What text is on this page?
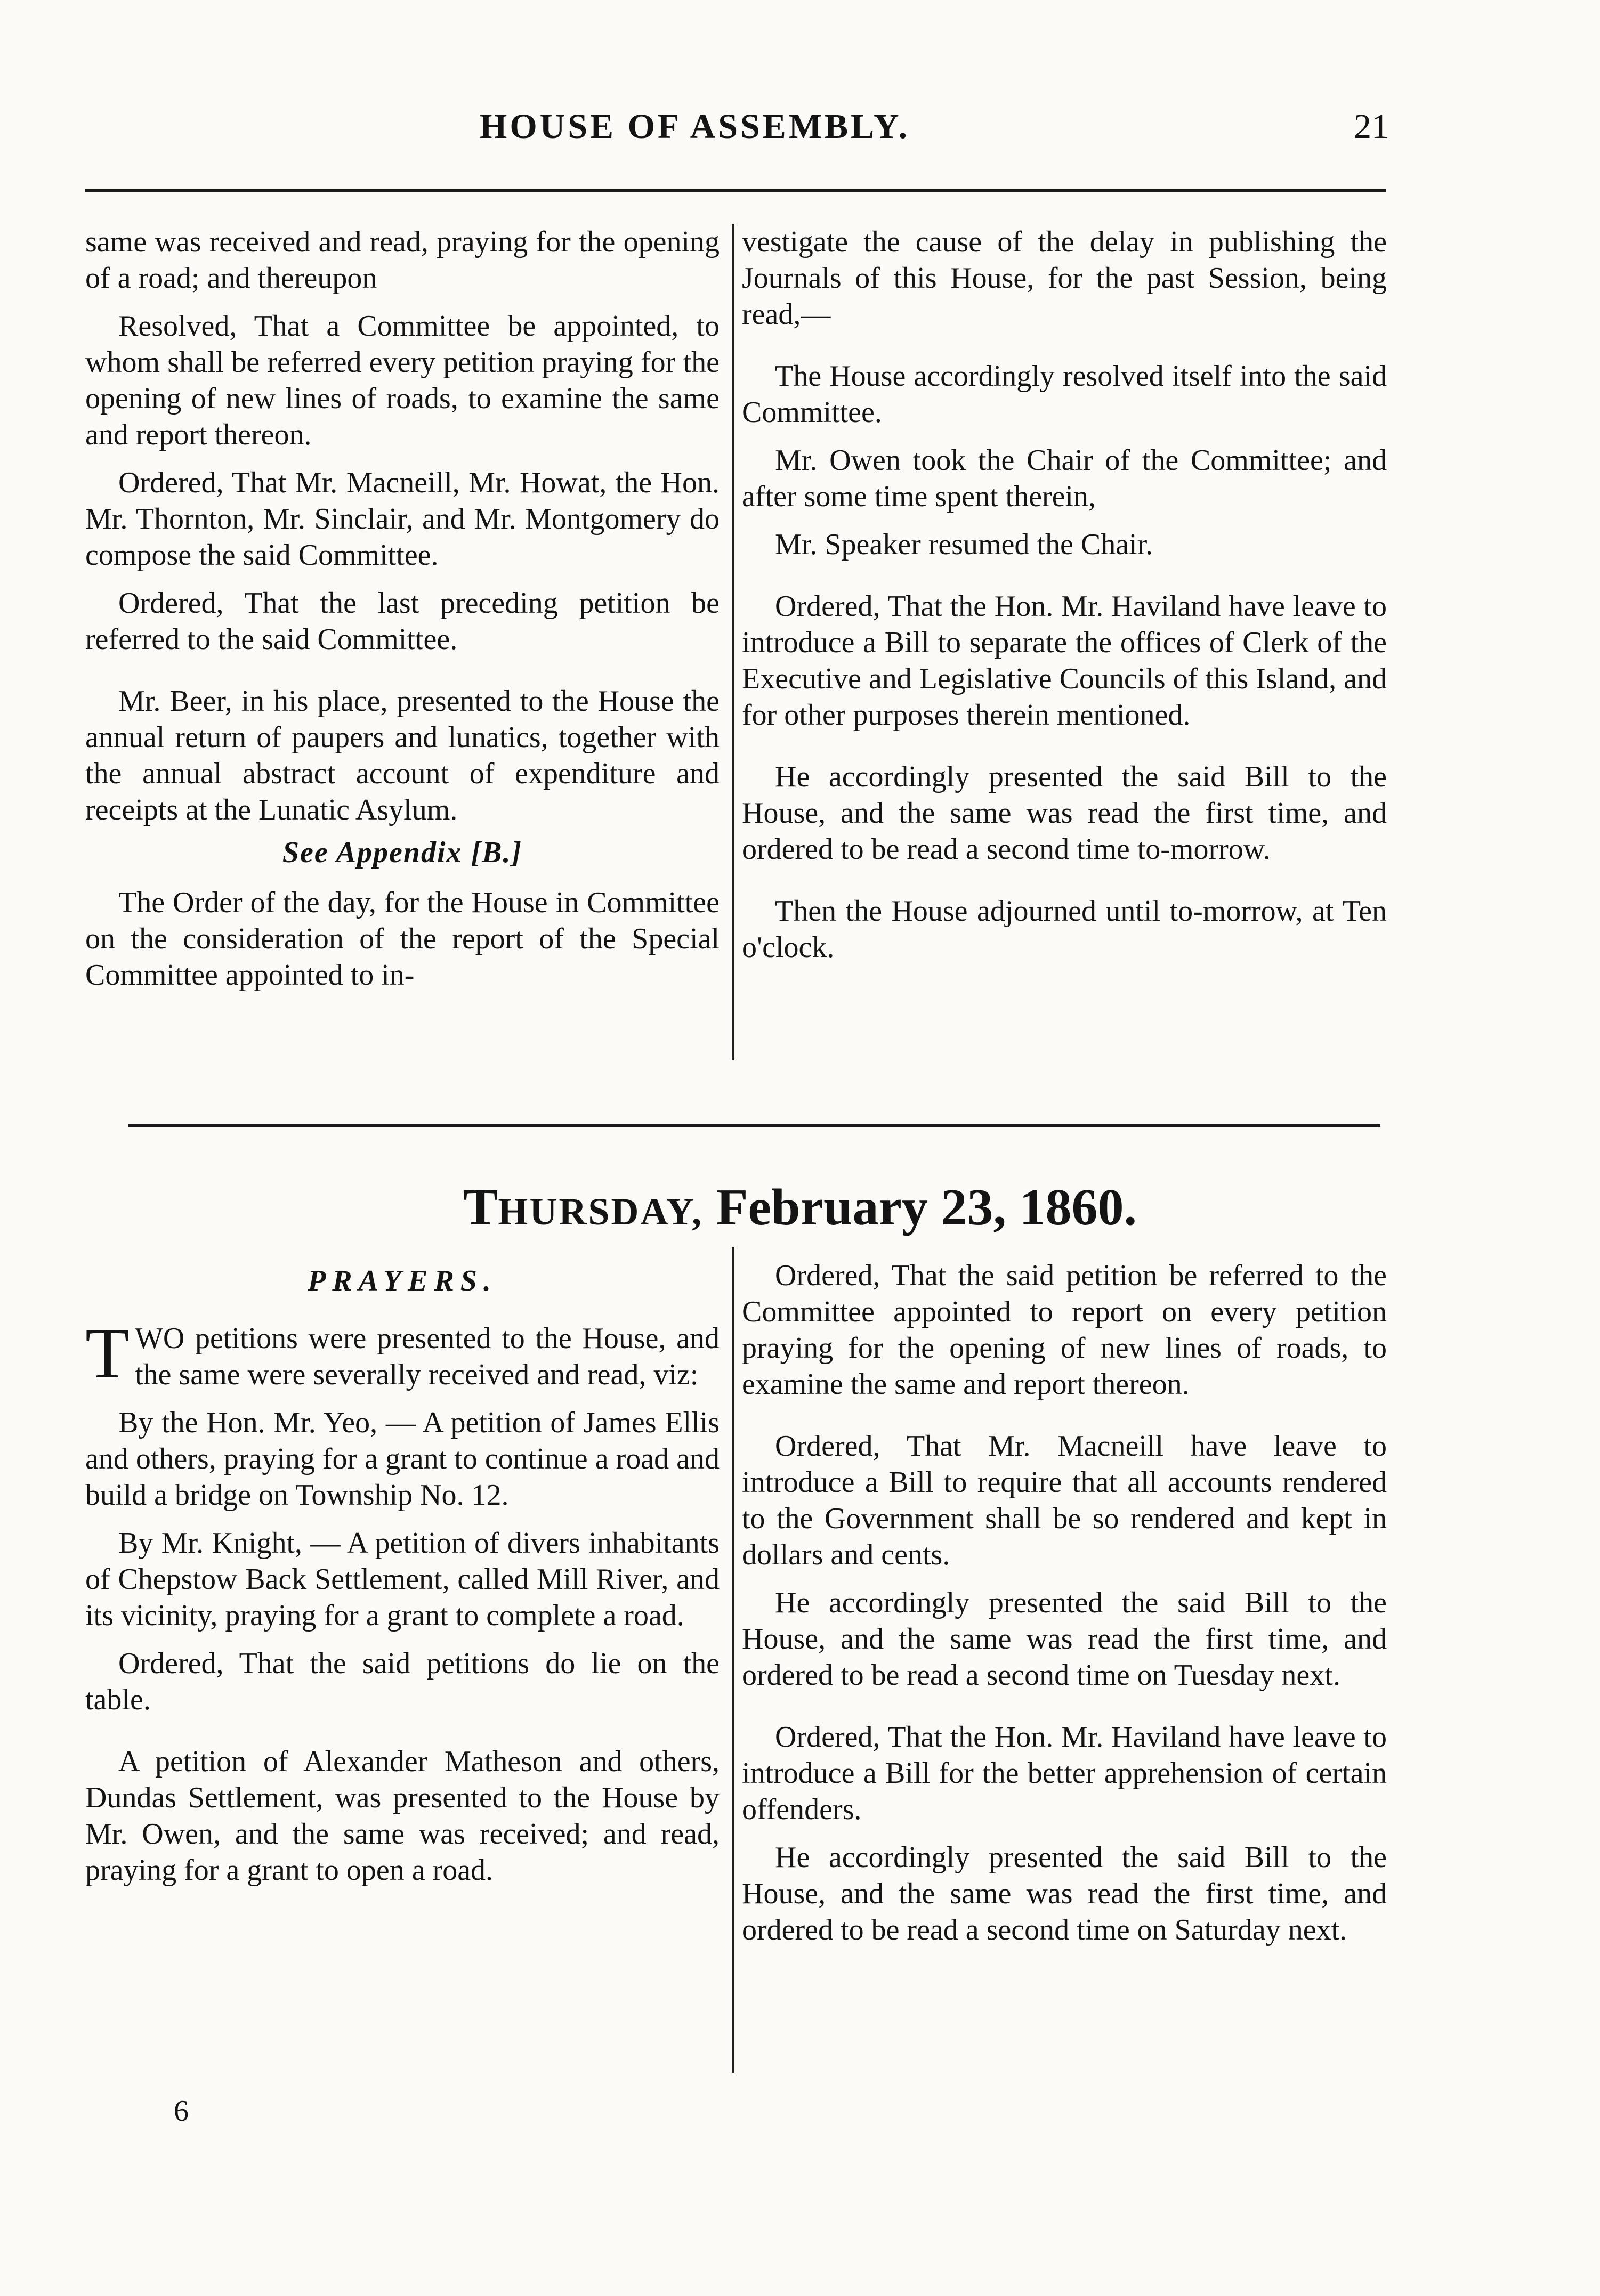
HOUSE OF ASSEMBLY.	21

same was received and read, praying for the opening of a road; and thereupon

Resolved, That a Committee be appointed, to whom shall be referred every petition praying for the opening of new lines of roads, to examine the same and report thereon.

Ordered, That Mr. Macneill, Mr. Howat, the Hon. Mr. Thornton, Mr. Sinclair, and Mr. Montgomery do compose the said Committee.

Ordered, That the last preceding petition be referred to the said Committee.

Mr. Beer, in his place, presented to the House the annual return of paupers and lunatics, together with the annual abstract account of expenditure and receipts at the Lunatic Asylum.

See Appendix [B.]

The Order of the day, for the House in Committee on the consideration of the report of the Special Committee appointed to in-

vestigate the cause of the delay in publishing the Journals of this House, for the past Session, being read,—

The House accordingly resolved itself into the said Committee.

Mr. Owen took the Chair of the Committee; and after some time spent therein,

Mr. Speaker resumed the Chair.

Ordered, That the Hon. Mr. Haviland have leave to introduce a Bill to separate the offices of Clerk of the Executive and Legislative Councils of this Island, and for other purposes therein mentioned.

He accordingly presented the said Bill to the House, and the same was read the first time, and ordered to be read a second time to-morrow.

Then the House adjourned until to-morrow, at Ten o'clock.

THURSDAY, February 23, 1860.
PRAYERS.

TWO petitions were presented to the House, and the same were severally received and read, viz:

By the Hon. Mr. Yeo, — A petition of James Ellis and others, praying for a grant to continue a road and build a bridge on Township No. 12.

By Mr. Knight, — A petition of divers inhabitants of Chepstow Back Settlement, called Mill River, and its vicinity, praying for a grant to complete a road.

Ordered, That the said petitions do lie on the table.

A petition of Alexander Matheson and others, Dundas Settlement, was presented to the House by Mr. Owen, and the same was received; and read, praying for a grant to open a road.

Ordered, That the said petition be referred to the Committee appointed to report on every petition praying for the opening of new lines of roads, to examine the same and report thereon.

Ordered, That Mr. Macneill have leave to introduce a Bill to require that all accounts rendered to the Government shall be so rendered and kept in dollars and cents.

He accordingly presented the said Bill to the House, and the same was read the first time, and ordered to be read a second time on Tuesday next.

Ordered, That the Hon. Mr. Haviland have leave to introduce a Bill for the better apprehension of certain offenders.

He accordingly presented the said Bill to the House, and the same was read the first time, and ordered to be read a second time on Saturday next.

6
